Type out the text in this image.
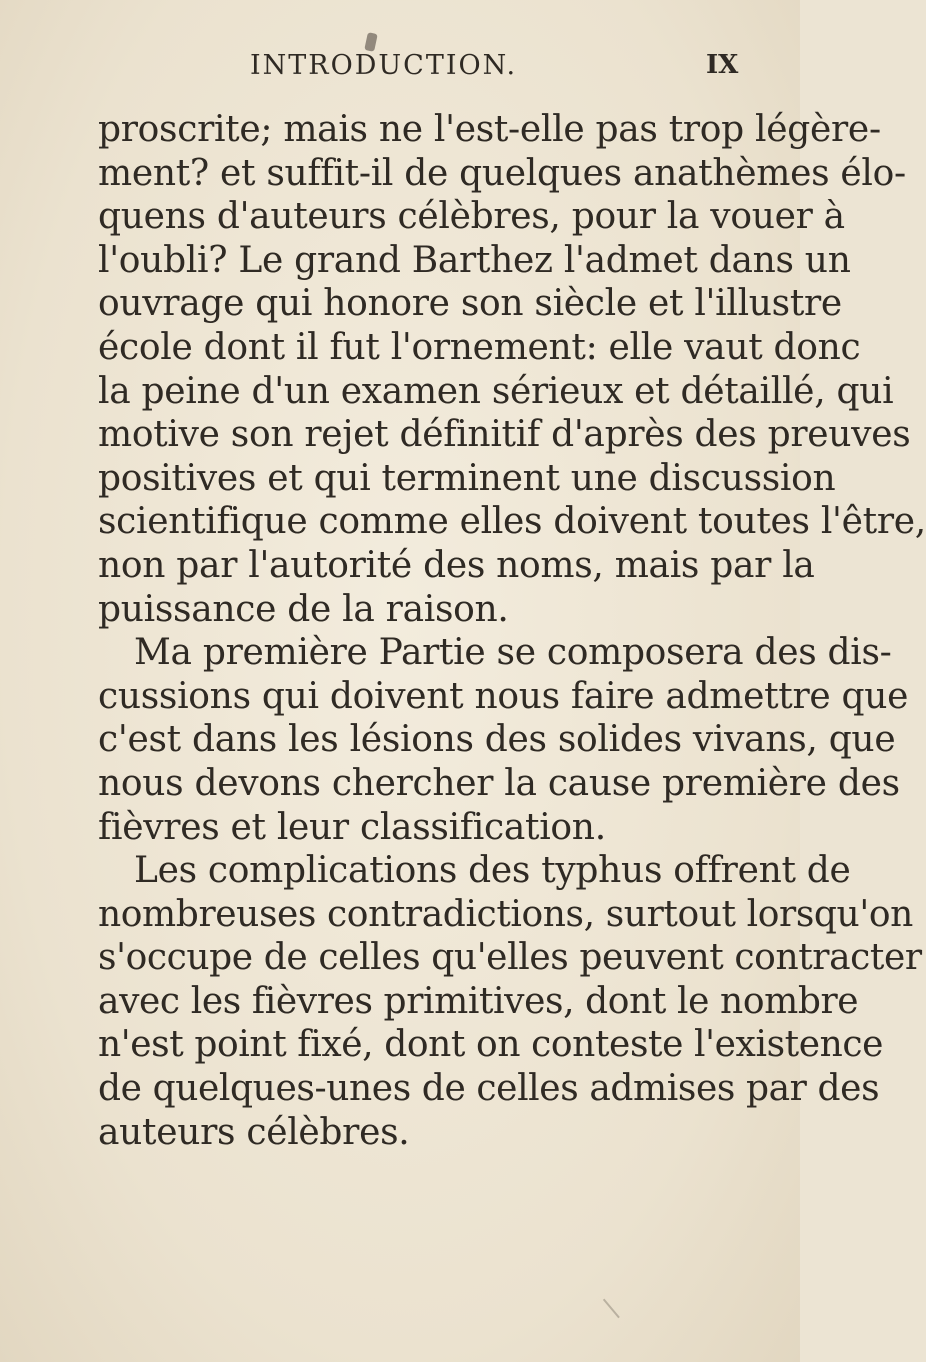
INTRODUCTION.	IX
proscrite; mais ne l'est-elle pas trop légère-
ment? et suffit-il de quelques anathèmes élo-
quens d'auteurs célèbres, pour la vouer à
l'oubli? Le grand Barthez l'admet dans un
ouvrage qui honore son siècle et l'illustre
école dont il fut l'ornement: elle vaut donc
la peine d'un examen sérieux et détaillé, qui
motive son rejet définitif d'après des preuves
positives et qui terminent une discussion
scientifique comme elles doivent toutes l'être,
non par l'autorité des noms, mais par la
puissance de la raison.
Ma première Partie se composera des dis-
cussions qui doivent nous faire admettre que
c'est dans les lésions des solides vivans, que
nous devons chercher la cause première des
fièvres et leur classification.
Les complications des typhus offrent de
nombreuses contradictions, surtout lorsqu'on
s'occupe de celles qu'elles peuvent contracter
avec les fièvres primitives, dont le nombre
n'est point fixé, dont on conteste l'existence
de quelques-unes de celles admises par des
auteurs célèbres.
